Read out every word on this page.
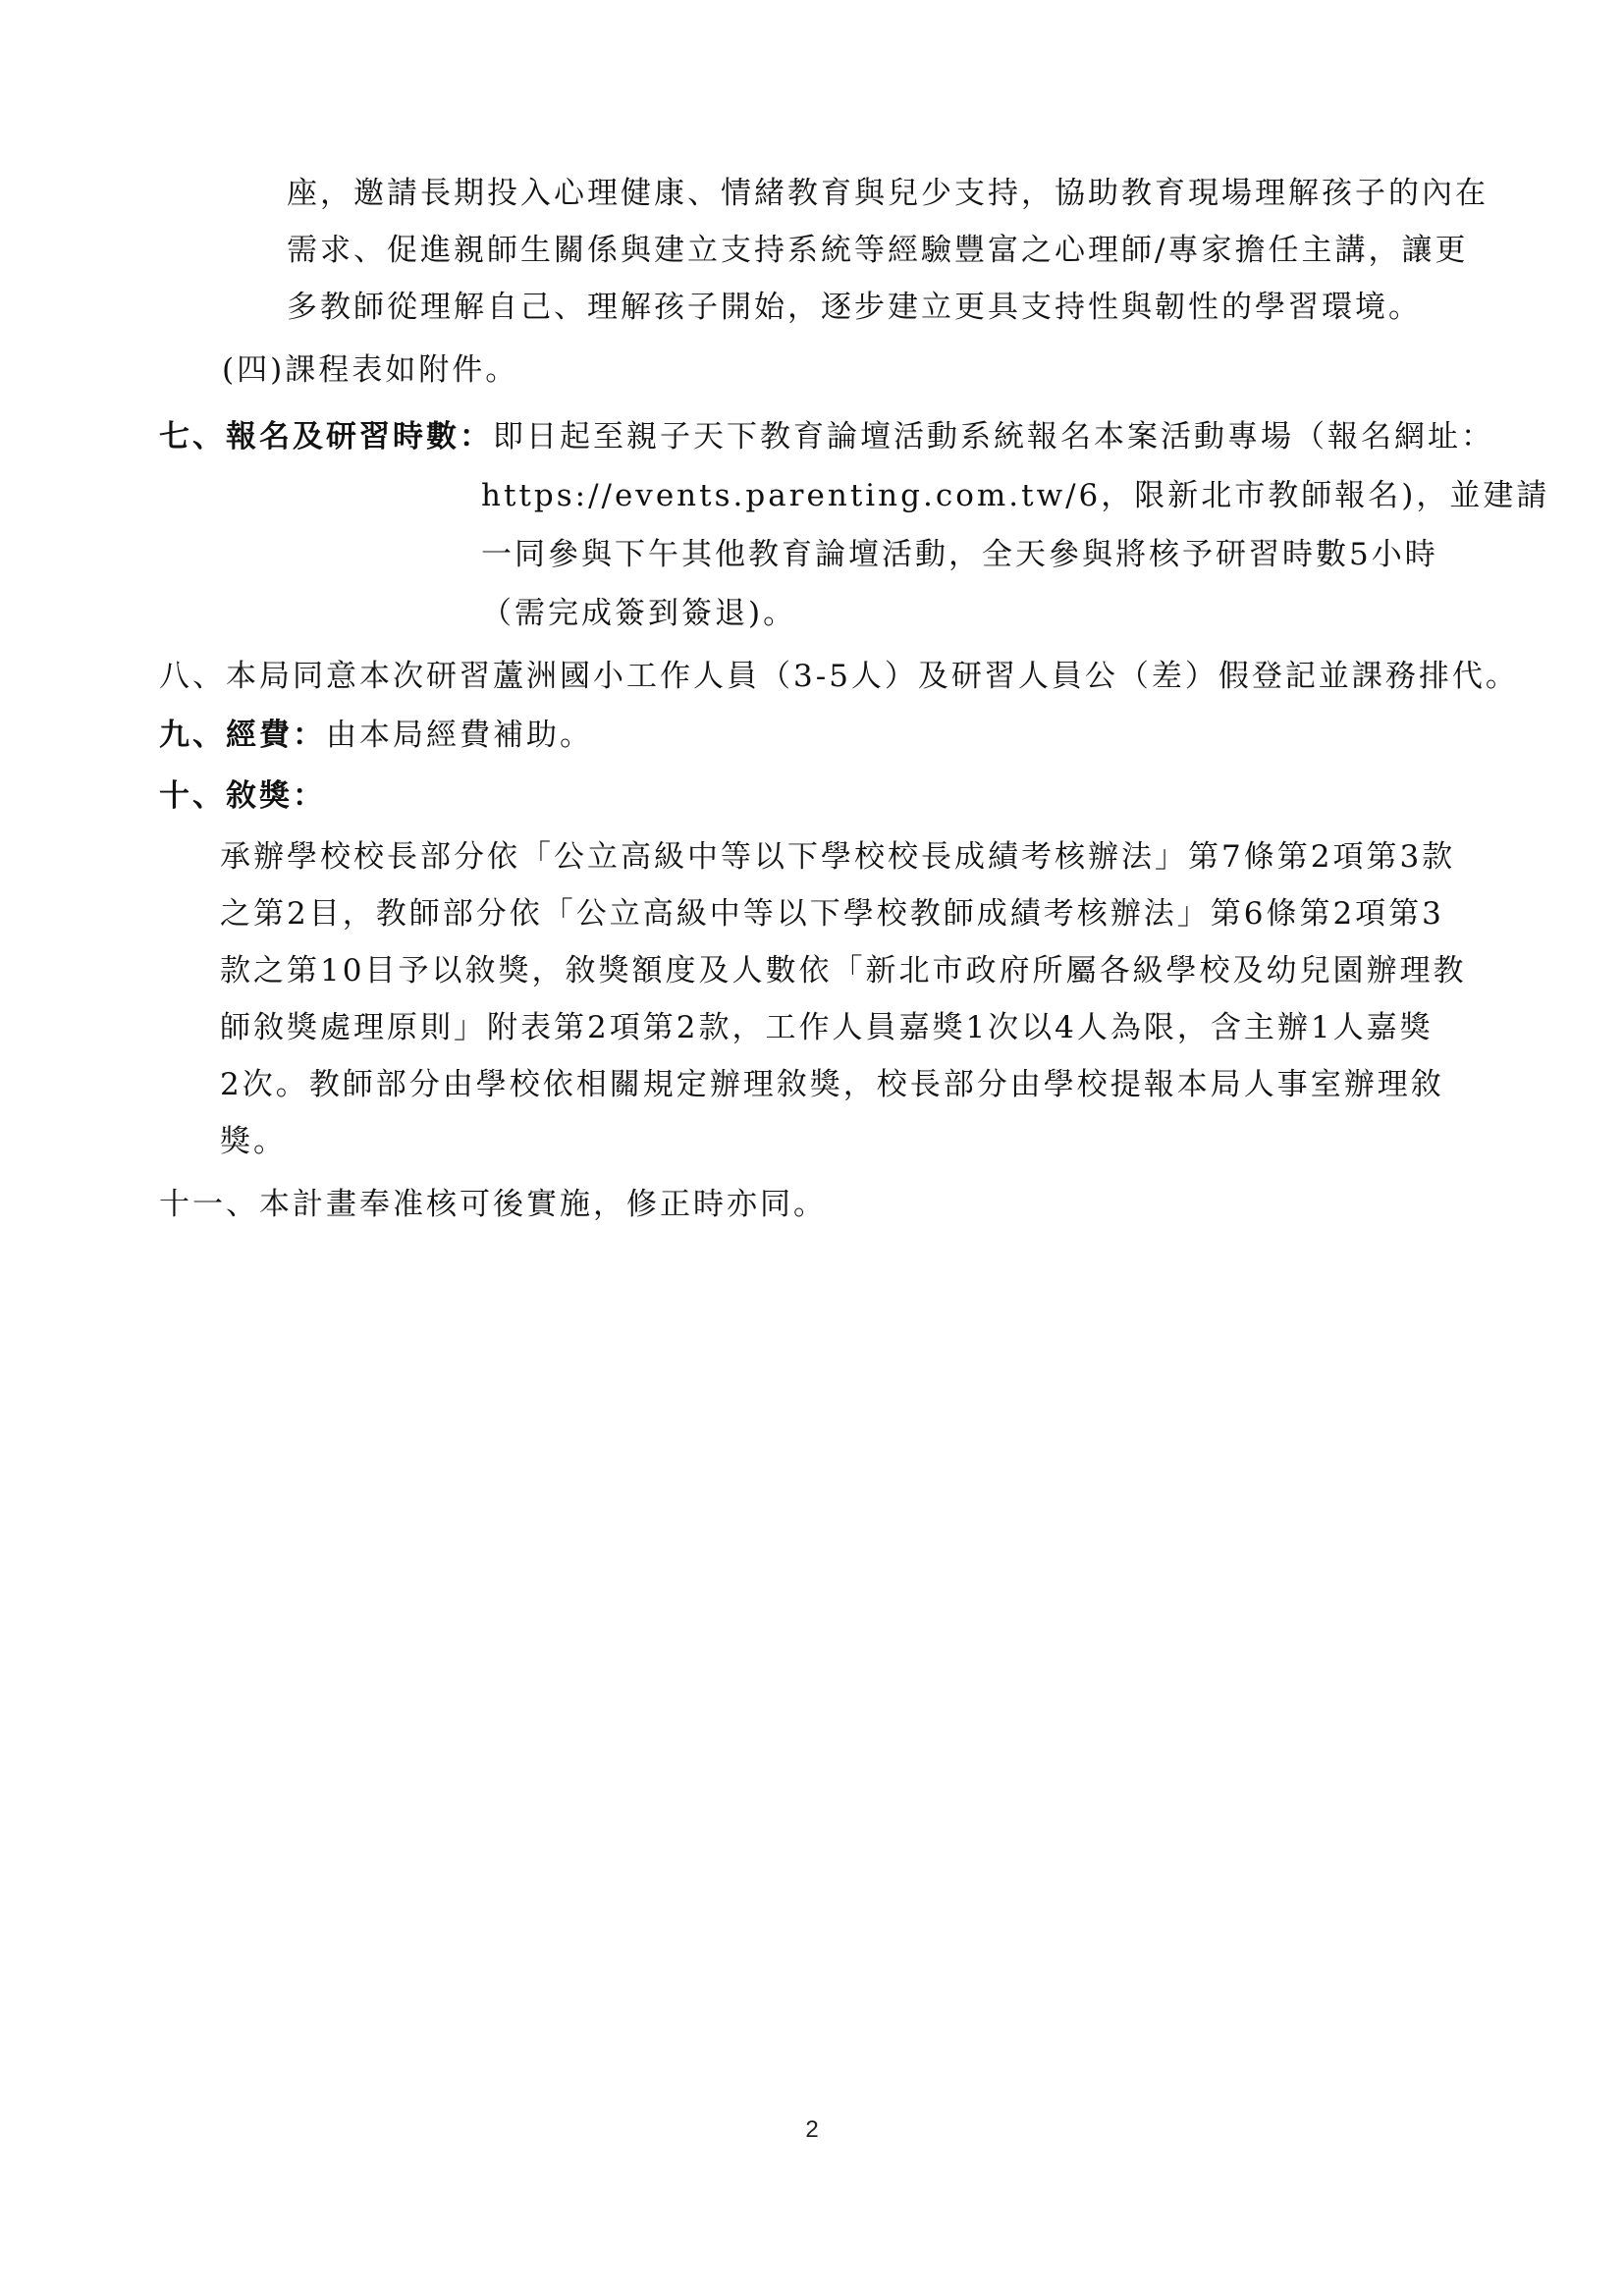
座，邀請長期投入心理健康、情緒教育與兒少支持，協助教育現場理解孩子的內在
需求、促進親師生關係與建立支持系統等經驗豐富之心理師/專家擔任主講，讓更
多教師從理解自己、理解孩子開始，逐步建立更具支持性與韌性的學習環境。
(四)課程表如附件。
七、報名及研習時數：即日起至親子天下教育論壇活動系統報名本案活動專場（報名網址：
https://events.parenting.com.tw/6，限新北市教師報名)，並建請
一同參與下午其他教育論壇活動，全天參與將核予研習時數5小時
（需完成簽到簽退)。
八、本局同意本次研習蘆洲國小工作人員（3-5人）及研習人員公（差）假登記並課務排代。
九、經費：由本局經費補助。
十、敘獎：
承辦學校校長部分依「公立高級中等以下學校校長成績考核辦法」第7條第2項第3款
之第2目，教師部分依「公立高級中等以下學校教師成績考核辦法」第6條第2項第3
款之第10目予以敘獎，敘獎額度及人數依「新北市政府所屬各級學校及幼兒園辦理教
師敘獎處理原則」附表第2項第2款，工作人員嘉獎1次以4人為限，含主辦1人嘉獎
2次。教師部分由學校依相關規定辦理敘獎，校長部分由學校提報本局人事室辦理敘
獎。
十一、本計畫奉准核可後實施，修正時亦同。
2
